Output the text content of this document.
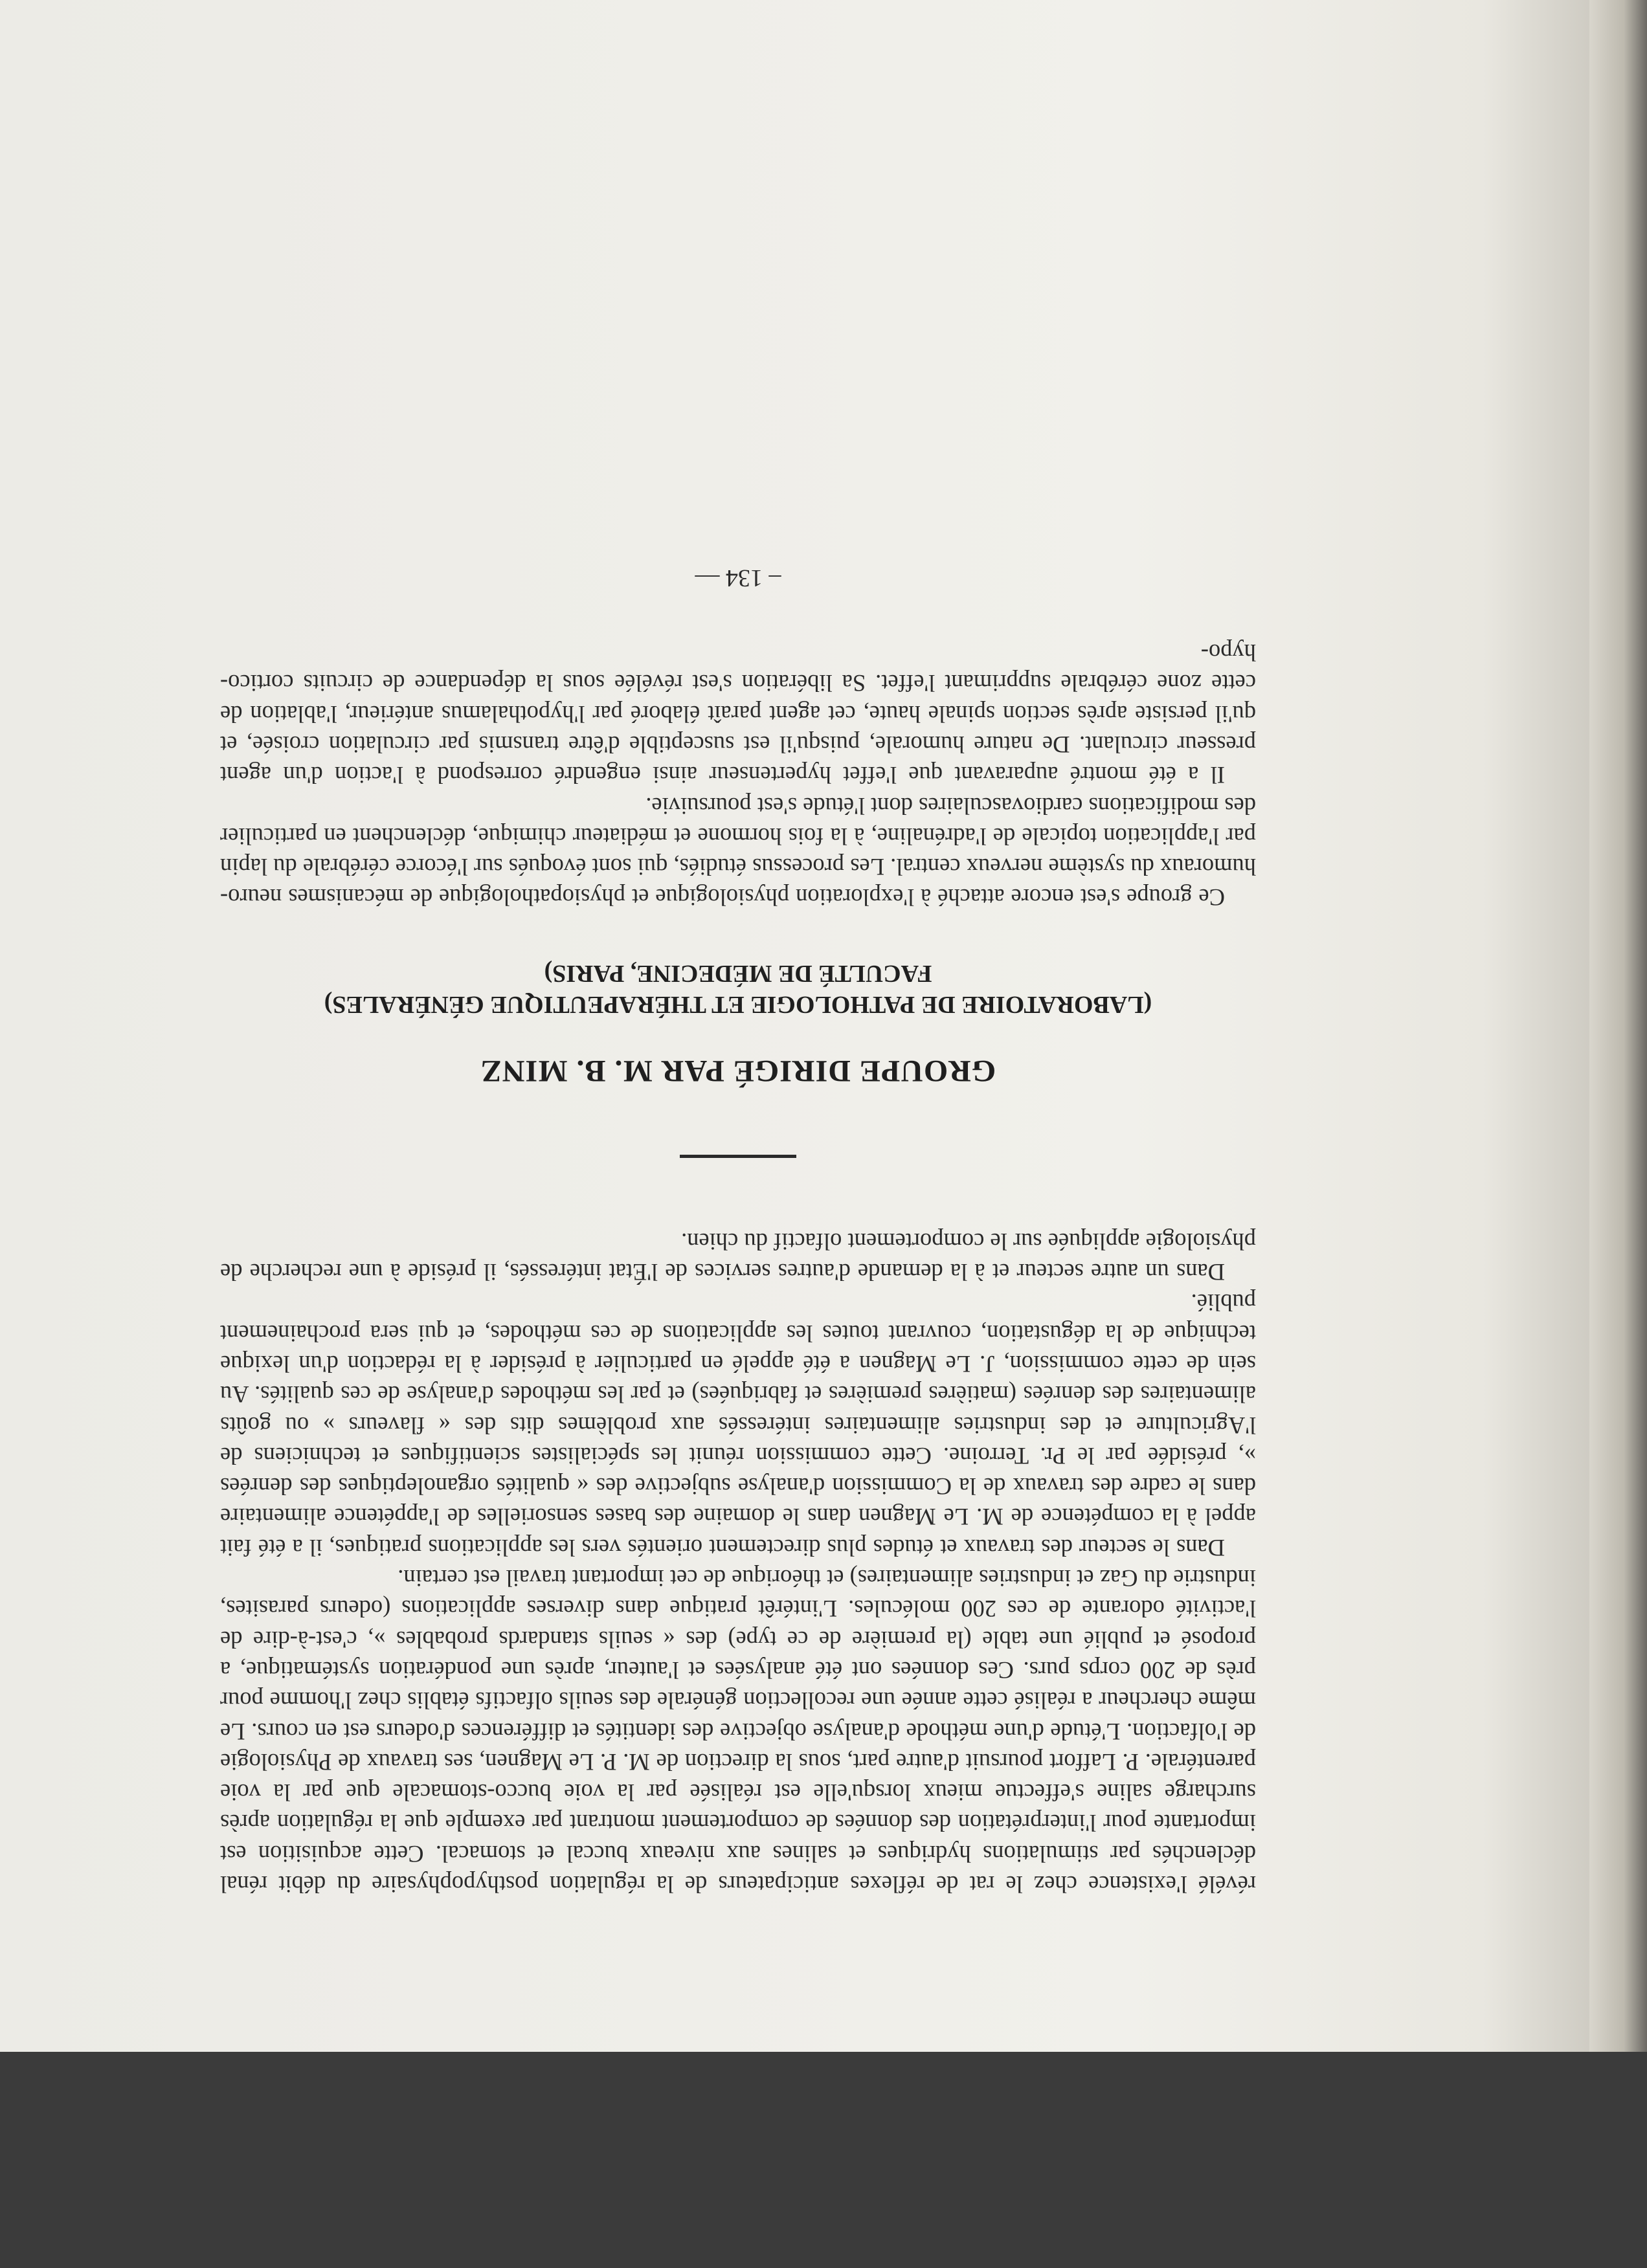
révélé l'existence chez le rat de réflexes anticipateurs de la régulation posthypophysaire du débit rénal déclenchés par stimulations hydriques et salines aux niveaux buccal et stomacal. Cette acquisition est importante pour l'interprétation des données de comportement montrant par exemple que la régulation après surcharge saline s'effectue mieux lorsqu'elle est réalisée par la voie bucco-stomacale que par la voie parentérale. P. Laffort poursuit d'autre part, sous la direction de M. P. Le Magnen, ses travaux de Physiologie de l'olfaction. L'étude d'une méthode d'analyse objective des identités et différences d'odeurs est en cours. Le même chercheur a réalisé cette année une recollection générale des seuils olfactifs établis chez l'homme pour près de 200 corps purs. Ces données ont été analysées et l'auteur, après une pondération systématique, a proposé et publié une table (la première de ce type) des « seuils standards probables », c'est-à-dire de l'activité odorante de ces 200 molécules. L'intérêt pratique dans diverses applications (odeurs parasites, industrie du Gaz et industries alimentaires) et théorique de cet important travail est certain.

Dans le secteur des travaux et études plus directement orientés vers les applications pratiques, il a été fait appel à la compétence de M. Le Magnen dans le domaine des bases sensorielles de l'appétence alimentaire dans le cadre des travaux de la Commission d'analyse subjective des « qualités organoleptiques des denrées », présidée par le Pr. Terroine. Cette commission réunit les spécialistes scientifiques et techniciens de l'Agriculture et des industries alimentaires intéressés aux problèmes dits des « flaveurs » ou goûts alimentaires des denrées (matières premières et fabriquées) et par les méthodes d'analyse de ces qualités. Au sein de cette commission, J. Le Magnen a été appelé en particulier à présider à la rédaction d'un lexique technique de la dégustation, couvrant toutes les applications de ces méthodes, et qui sera prochainement publié.

Dans un autre secteur et à la demande d'autres services de l'État intéressés, il préside à une recherche de physiologie appliquée sur le comportement olfactif du chien.

GROUPE DIRIGÉ PAR M. B. MINZ
(LABORATOIRE DE PATHOLOGIE ET THÉRAPEUTIQUE GÉNÉRALES)
FACULTÉ DE MÉDECINE, PARIS)

Ce groupe s'est encore attaché à l'exploration physiologique et physiopathologique de mécanismes neuro-humoraux du système nerveux central. Les processus étudiés, qui sont évoqués sur l'écorce cérébrale du lapin par l'application topicale de l'adrénaline, à la fois hormone et médiateur chimique, déclenchent en particulier des modifications cardiovasculaires dont l'étude s'est poursuivie.

Il a été montré auparavant que l'effet hypertenseur ainsi engendré correspond à l'action d'un agent presseur circulant. De nature humorale, puisqu'il est susceptible d'être transmis par circulation croisée, et qu'il persiste après section spinale haute, cet agent paraît élaboré par l'hypothalamus antérieur, l'ablation de cette zone cérébrale supprimant l'effet. Sa libération s'est révélée sous la dépendance de circuits cortico-hypo-

– 134 —
